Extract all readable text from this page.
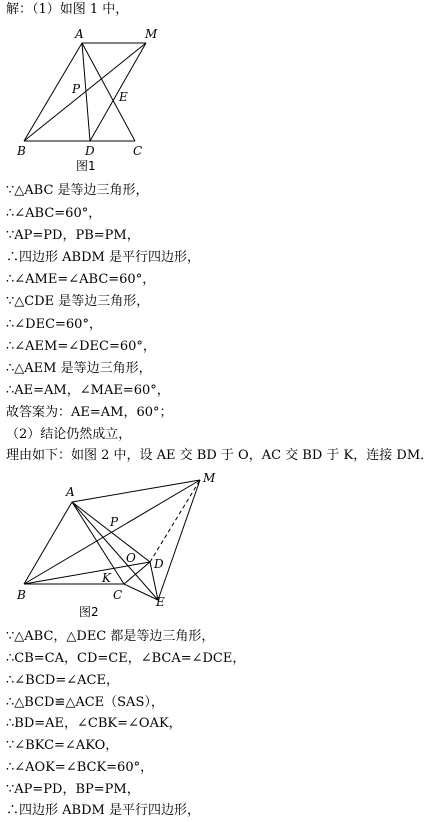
解：（1）如图 1 中，
A	M
P
E
B	D	C
图1
∵△ABC 是等边三角形，
∴∠ABC=60°，
∵AP=PD，PB=PM，
∴四边形 ABDM 是平行四边形，
∴∠AME=∠ABC=60°，
∵△CDE 是等边三角形，
∴∠DEC=60°，
∴∠AEM=∠DEC=60°，
∴△AEM 是等边三角形，
∴AE=AM，∠MAE=60°，
故答案为：AE=AM，60°；
（2）结论仍然成立，
理由如下：如图 2 中，设 AE 交 BD 于 O，AC 交 BD 于 K，连接 DM．
A
M
P
O D
K
B	C	E
图2
∵△ABC，△DEC 都是等边三角形，
∴CB=CA，CD=CE，∠BCA=∠DCE，
∴∠BCD=∠ACE，
∴△BCD≌△ACE（SAS），
∴BD=AE，∠CBK=∠OAK，
∵∠BKC=∠AKO，
∴∠AOK=∠BCK=60°，
∵AP=PD，BP=PM，
∴四边形 ABDM 是平行四边形，
